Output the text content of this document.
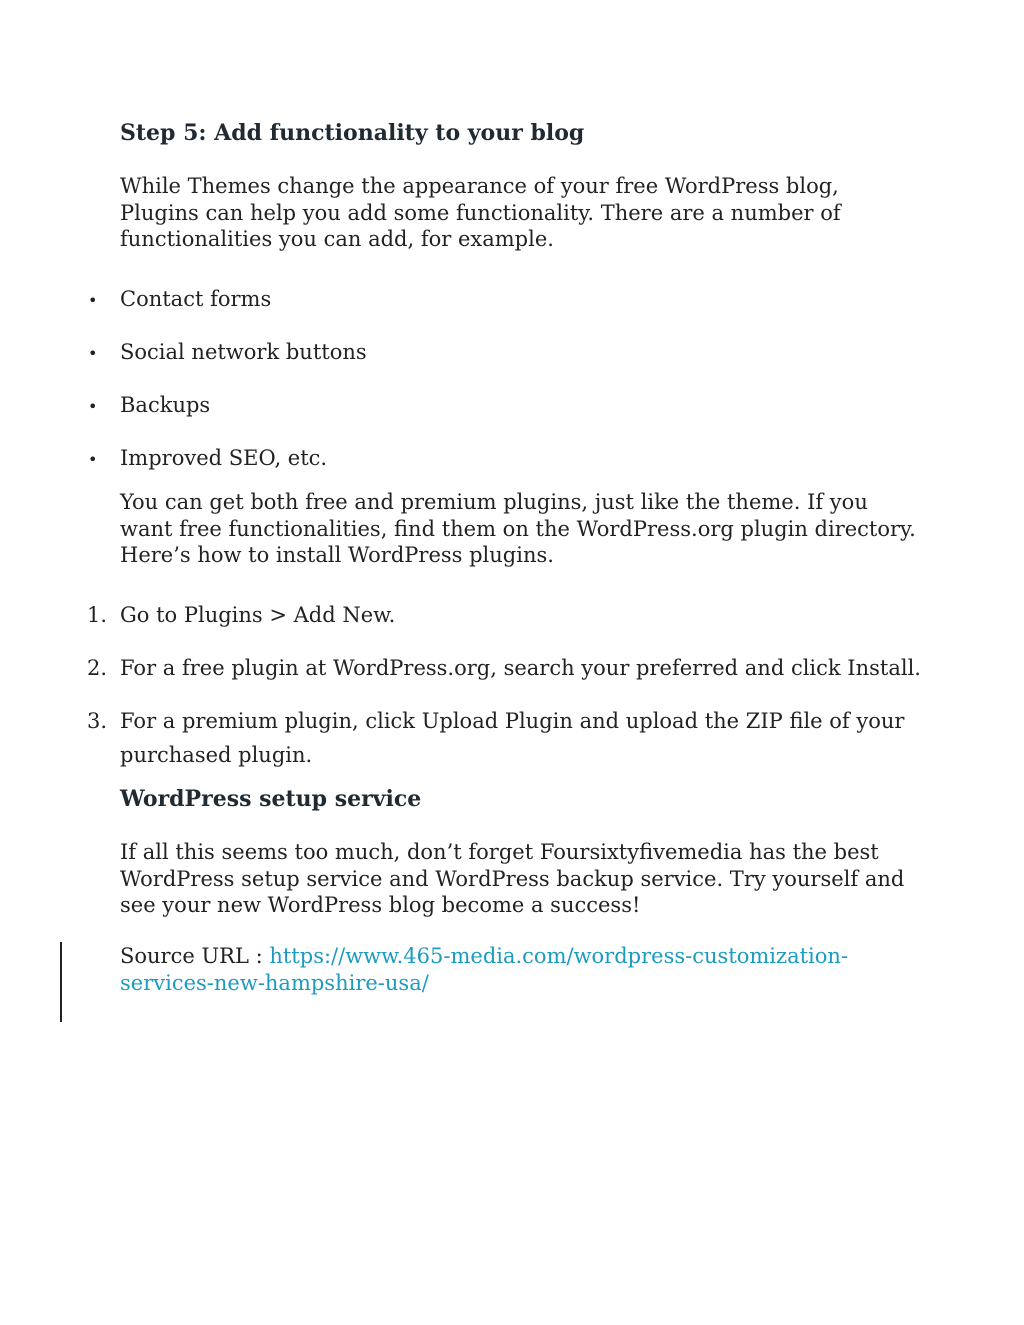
Step 5: Add functionality to your blog
While Themes change the appearance of your free WordPress blog, Plugins can help you add some functionality. There are a number of functionalities you can add, for example.
• Contact forms
• Social network buttons
• Backups
• Improved SEO, etc.
You can get both free and premium plugins, just like the theme. If you want free functionalities, find them on the WordPress.org plugin directory. Here’s how to install WordPress plugins.
1. Go to Plugins > Add New.
2. For a free plugin at WordPress.org, search your preferred and click Install.
3. For a premium plugin, click Upload Plugin and upload the ZIP file of your
purchased plugin.
WordPress setup service
If all this seems too much, don’t forget Foursixtyfivemedia has the best WordPress setup service and WordPress backup service. Try yourself and see your new WordPress blog become a success!
Source URL : https://www.465-media.com/wordpress-customization-
services-new-hampshire-usa/
